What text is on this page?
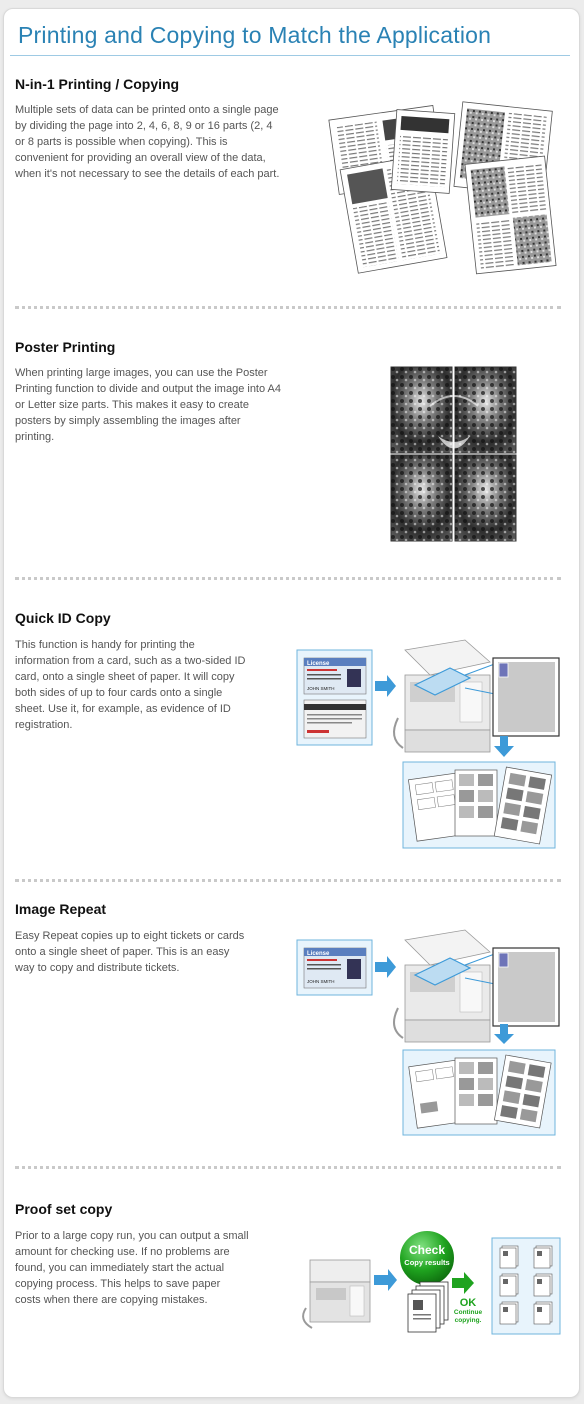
Printing and Copying to Match the Application
N-in-1 Printing / Copying

Multiple sets of data can be printed onto a single page
by dividing the page into 2, 4, 6, 8, 9 or 16 parts (2, 4
or 8 parts is possible when copying). This is
convenient for providing an overall view of the data,
when it's not necessary to see the details of each part.

Poster Printing

When printing large images, you can use the Poster
Printing function to divide and output the image into A4
or Letter size parts. This makes it easy to create
posters by simply assembling the images after
printing.

Quick ID Copy

This function is handy for printing the
information from a card, such as a two-sided ID
card, onto a single sheet of paper. It will copy
both sides of up to four cards onto a single
sheet. Use it, for example, as evidence of ID
registration.

License
JOHN SMITH
Image Repeat

Easy Repeat copies up to eight tickets or cards
onto a single sheet of paper. This is an easy
way to copy and distribute tickets.

License
JOHN SMITH
Proof set copy

Prior to a large copy run, you can output a small
amount for checking use. If no problems are
found, you can immediately start the actual
copying process. This helps to save paper
costs when there are copying mistakes.

Check
Copy results
OK
Continue
copying.
